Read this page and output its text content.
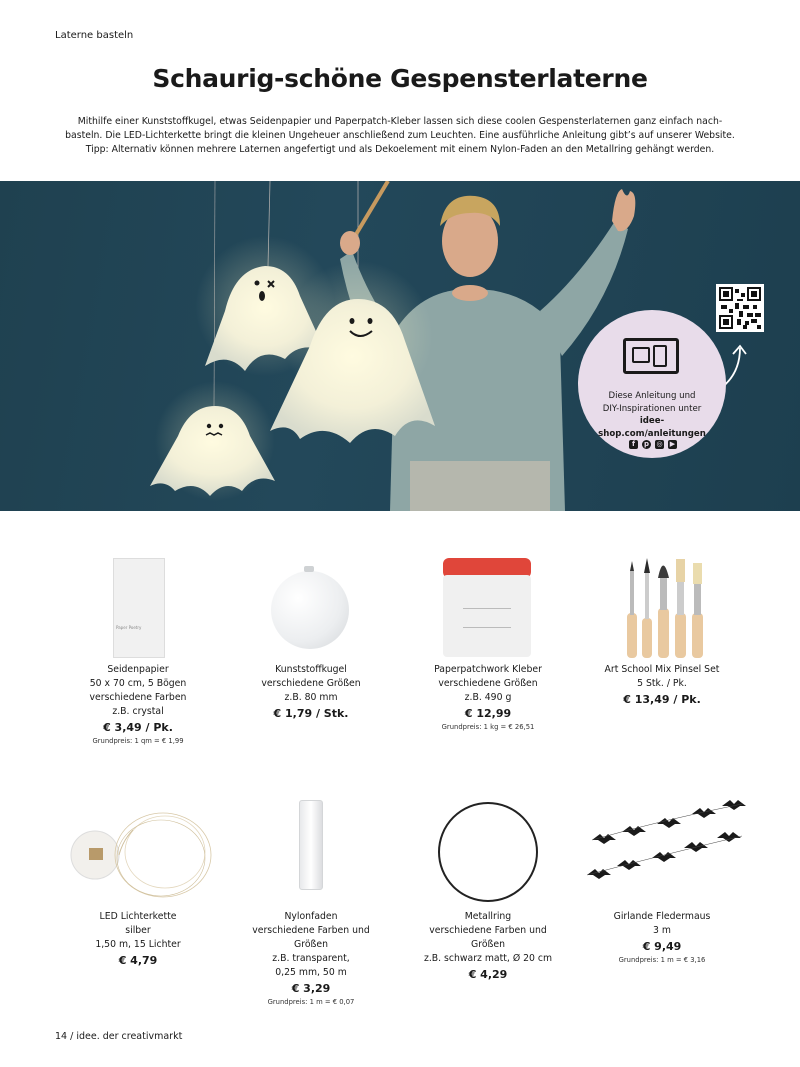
Laterne basteln
Schaurig-schöne Gespensterlaterne
Mithilfe einer Kunststoffkugel, etwas Seidenpapier und Paperpatch-Kleber lassen sich diese coolen Gespensterlaternen ganz einfach nach-
basteln. Die LED-Lichterkette bringt die kleinen Ungeheuer anschließend zum Leuchten. Eine ausführliche Anleitung gibt’s auf unserer Website.
Tipp: Alternativ können mehrere Laternen angefertigt und als Dekoelement mit einem Nylon-Faden an den Metallring gehängt werden.
Diese Anleitung und
DIY-Inspirationen unter
idee-shop.com/anleitungen
f	p ◎ ▶
Paper Poetry
Seidenpapier
50 x 70 cm, 5 Bögen
verschiedene Farben
z.B. crystal
€ 3,49 / Pk.
Grundpreis: 1 qm = € 1,99
Kunststoffkugel
verschiedene Größen
z.B. 80 mm
€ 1,79 / Stk.
Paperpatchwork Kleber
verschiedene Größen
z.B. 490 g
€ 12,99
Grundpreis: 1 kg = € 26,51
Art School Mix Pinsel Set
5 Stk. / Pk.
€ 13,49 / Pk.
LED Lichterkette
silber
1,50 m, 15 Lichter
€ 4,79
Nylonfaden
verschiedene Farben und
Größen
z.B. transparent,
0,25 mm, 50 m
€ 3,29
Grundpreis: 1 m = € 0,07
Metallring
verschiedene Farben und
Größen
z.B. schwarz matt, Ø 20 cm
€ 4,29
Girlande Fledermaus
3 m
€ 9,49
Grundpreis: 1 m = € 3,16
14 / idee. der creativmarkt
